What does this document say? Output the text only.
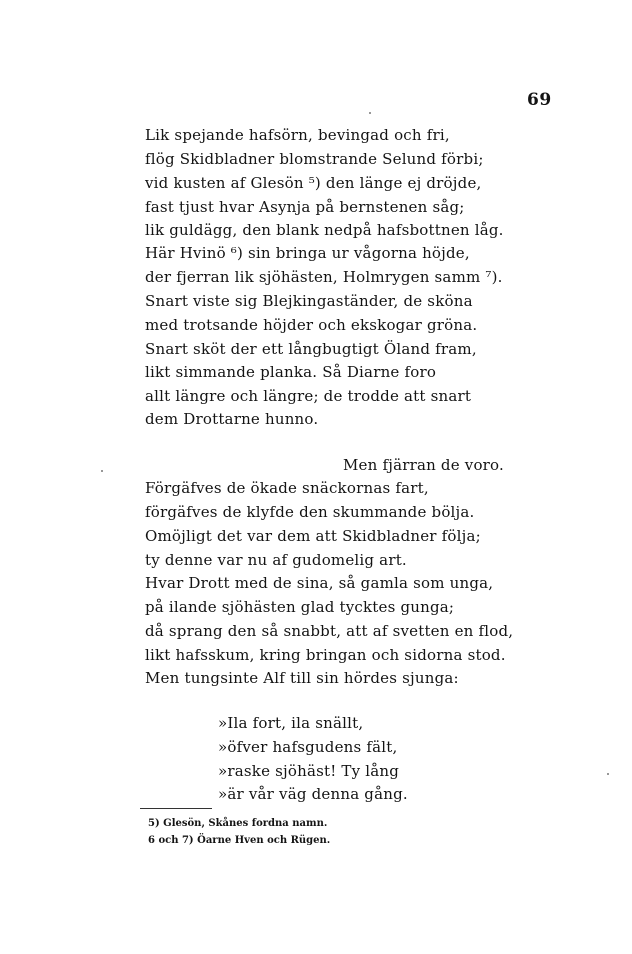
69
Lik spejande hafsörn, bevingad och fri,
flög Skidbladner blomstrande Selund förbi;
vid kusten af Glesön ⁵) den länge ej dröjde,
fast tjust hvar Asynja på bernstenen såg;
lik guldägg, den blank nedpå hafsbottnen låg.
Här Hvinö ⁶) sin bringa ur vågorna höjde,
der fjerran lik sjöhästen, Holmrygen samm ⁷).
Snart viste sig Blejkingaständer, de sköna
med trotsande höjder och ekskogar gröna.
Snart sköt der ett långbugtigt Öland fram,
likt simmande planka. Så Diarne foro
allt längre och längre; de trodde att snart
dem Drottarne hunno.
Men fjärran de voro.
Förgäfves de ökade snäckornas fart,
förgäfves de klyfde den skummande bölja.
Omöjligt det var dem att Skidbladner följa;
ty denne var nu af gudomelig art.
Hvar Drott med de sina, så gamla som unga,
på ilande sjöhästen glad tycktes gunga;
då sprang den så snabbt, att af svetten en flod,
likt hafsskum, kring bringan och sidorna stod.
Men tungsinte Alf till sin hördes sjunga:
»Ila fort, ila snällt,
»öfver hafsgudens fält,
»raske sjöhäst! Ty lång
»är vår väg denna gång.
5) Glesön, Skånes fordna namn.
6 och 7) Öarne Hven och Rügen.
